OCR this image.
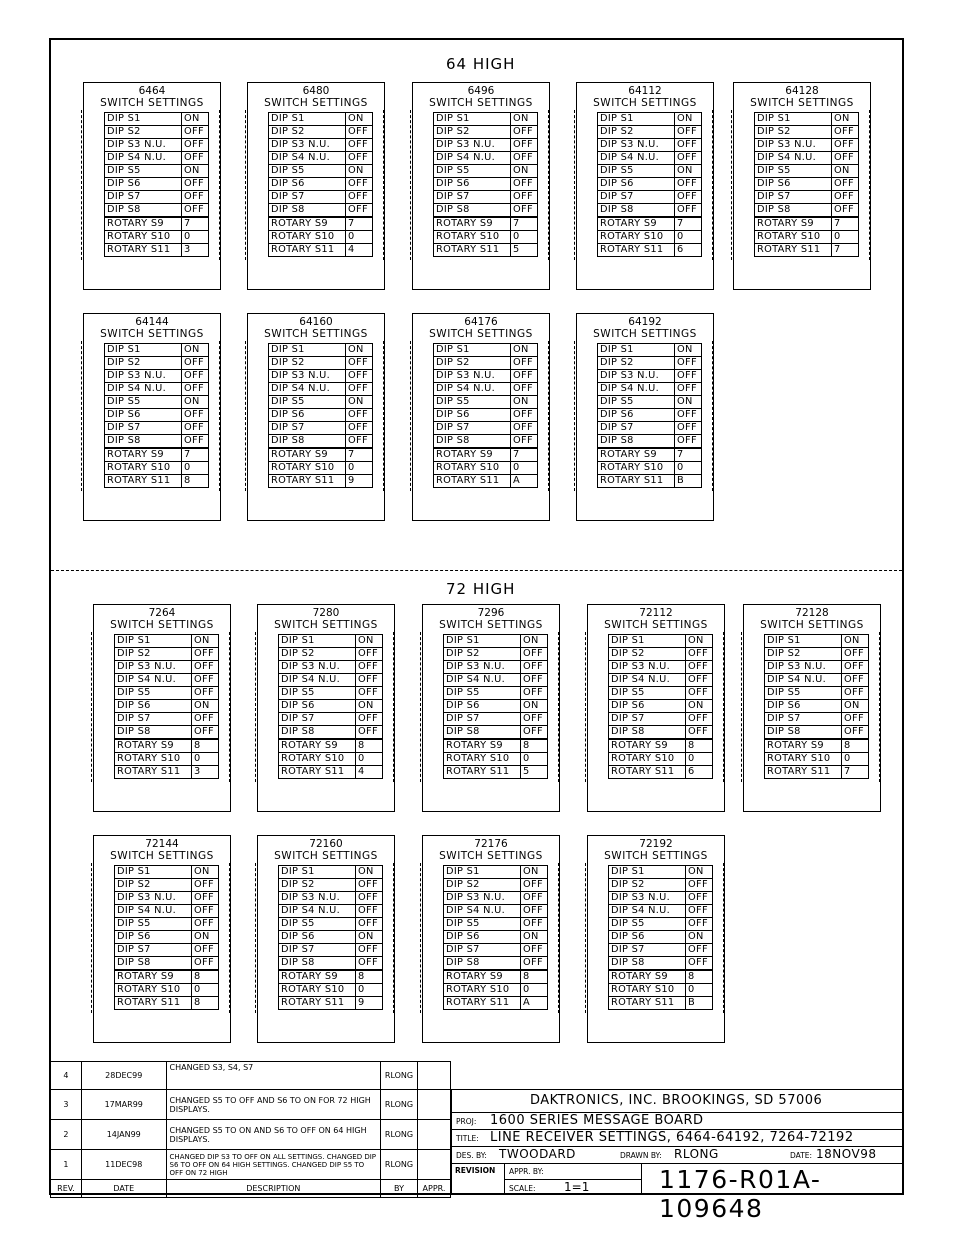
64 HIGH
72 HIGH
6464
SWITCH SETTINGS
DIP S1	ON
DIP S2	OFF
DIP S3 N.U.	OFF
DIP S4 N.U.	OFF
DIP S5	ON
DIP S6	OFF
DIP S7	OFF
DIP S8	OFF
ROTARY S9	7
ROTARY S10	0
ROTARY S11	3
6480
SWITCH SETTINGS
DIP S1	ON
DIP S2	OFF
DIP S3 N.U.	OFF
DIP S4 N.U.	OFF
DIP S5	ON
DIP S6	OFF
DIP S7	OFF
DIP S8	OFF
ROTARY S9	7
ROTARY S10	0
ROTARY S11	4
6496
SWITCH SETTINGS
DIP S1	ON
DIP S2	OFF
DIP S3 N.U.	OFF
DIP S4 N.U.	OFF
DIP S5	ON
DIP S6	OFF
DIP S7	OFF
DIP S8	OFF
ROTARY S9	7
ROTARY S10	0
ROTARY S11	5
64112
SWITCH SETTINGS
DIP S1	ON
DIP S2	OFF
DIP S3 N.U.	OFF
DIP S4 N.U.	OFF
DIP S5	ON
DIP S6	OFF
DIP S7	OFF
DIP S8	OFF
ROTARY S9	7
ROTARY S10	0
ROTARY S11	6
64128
SWITCH SETTINGS
DIP S1	ON
DIP S2	OFF
DIP S3 N.U.	OFF
DIP S4 N.U.	OFF
DIP S5	ON
DIP S6	OFF
DIP S7	OFF
DIP S8	OFF
ROTARY S9	7
ROTARY S10	0
ROTARY S11	7
64144
SWITCH SETTINGS
DIP S1	ON
DIP S2	OFF
DIP S3 N.U.	OFF
DIP S4 N.U.	OFF
DIP S5	ON
DIP S6	OFF
DIP S7	OFF
DIP S8	OFF
ROTARY S9	7
ROTARY S10	0
ROTARY S11	8
64160
SWITCH SETTINGS
DIP S1	ON
DIP S2	OFF
DIP S3 N.U.	OFF
DIP S4 N.U.	OFF
DIP S5	ON
DIP S6	OFF
DIP S7	OFF
DIP S8	OFF
ROTARY S9	7
ROTARY S10	0
ROTARY S11	9
64176
SWITCH SETTINGS
DIP S1	ON
DIP S2	OFF
DIP S3 N.U.	OFF
DIP S4 N.U.	OFF
DIP S5	ON
DIP S6	OFF
DIP S7	OFF
DIP S8	OFF
ROTARY S9	7
ROTARY S10	0
ROTARY S11	A
64192
SWITCH SETTINGS
DIP S1	ON
DIP S2	OFF
DIP S3 N.U.	OFF
DIP S4 N.U.	OFF
DIP S5	ON
DIP S6	OFF
DIP S7	OFF
DIP S8	OFF
ROTARY S9	7
ROTARY S10	0
ROTARY S11	B
7264
SWITCH SETTINGS
DIP S1	ON
DIP S2	OFF
DIP S3 N.U.	OFF
DIP S4 N.U.	OFF
DIP S5	OFF
DIP S6	ON
DIP S7	OFF
DIP S8	OFF
ROTARY S9	8
ROTARY S10	0
ROTARY S11	3
7280
SWITCH SETTINGS
DIP S1	ON
DIP S2	OFF
DIP S3 N.U.	OFF
DIP S4 N.U.	OFF
DIP S5	OFF
DIP S6	ON
DIP S7	OFF
DIP S8	OFF
ROTARY S9	8
ROTARY S10	0
ROTARY S11	4
7296
SWITCH SETTINGS
DIP S1	ON
DIP S2	OFF
DIP S3 N.U.	OFF
DIP S4 N.U.	OFF
DIP S5	OFF
DIP S6	ON
DIP S7	OFF
DIP S8	OFF
ROTARY S9	8
ROTARY S10	0
ROTARY S11	5
72112
SWITCH SETTINGS
DIP S1	ON
DIP S2	OFF
DIP S3 N.U.	OFF
DIP S4 N.U.	OFF
DIP S5	OFF
DIP S6	ON
DIP S7	OFF
DIP S8	OFF
ROTARY S9	8
ROTARY S10	0
ROTARY S11	6
72128
SWITCH SETTINGS
DIP S1	ON
DIP S2	OFF
DIP S3 N.U.	OFF
DIP S4 N.U.	OFF
DIP S5	OFF
DIP S6	ON
DIP S7	OFF
DIP S8	OFF
ROTARY S9	8
ROTARY S10	0
ROTARY S11	7
72144
SWITCH SETTINGS
DIP S1	ON
DIP S2	OFF
DIP S3 N.U.	OFF
DIP S4 N.U.	OFF
DIP S5	OFF
DIP S6	ON
DIP S7	OFF
DIP S8	OFF
ROTARY S9	8
ROTARY S10	0
ROTARY S11	8
72160
SWITCH SETTINGS
DIP S1	ON
DIP S2	OFF
DIP S3 N.U.	OFF
DIP S4 N.U.	OFF
DIP S5	OFF
DIP S6	ON
DIP S7	OFF
DIP S8	OFF
ROTARY S9	8
ROTARY S10	0
ROTARY S11	9
72176
SWITCH SETTINGS
DIP S1	ON
DIP S2	OFF
DIP S3 N.U.	OFF
DIP S4 N.U.	OFF
DIP S5	OFF
DIP S6	ON
DIP S7	OFF
DIP S8	OFF
ROTARY S9	8
ROTARY S10	0
ROTARY S11	A
72192
SWITCH SETTINGS
DIP S1	ON
DIP S2	OFF
DIP S3 N.U.	OFF
DIP S4 N.U.	OFF
DIP S5	OFF
DIP S6	ON
DIP S7	OFF
DIP S8	OFF
ROTARY S9	8
ROTARY S10	0
ROTARY S11	B
4	28DEC99	CHANGED S3, S4, S7	RLONG	
3	17MAR99	CHANGED S5 TO OFF AND S6 TO ON FOR 72 HIGH DISPLAYS.	RLONG	
2	14JAN99	CHANGED S5 TO ON AND S6 TO OFF ON 64 HIGH DISPLAYS.	RLONG	
1	11DEC98	CHANGED DIP S3 TO OFF ON ALL SETTINGS. CHANGED DIP S6 TO OFF ON 64 HIGH SETTINGS. CHANGED DIP S5 TO OFF ON 72 HIGH	RLONG	
REV.	DATE	DESCRIPTION	BY	APPR.
DAKTRONICS, INC. BROOKINGS, SD 57006
PROJ: 1600 SERIES MESSAGE BOARD
TITLE: LINE RECEIVER SETTINGS, 6464-64192, 7264-72192
DES. BY: TWOODARD	DRAWN BY: RLONG	DATE: 18NOV98
REVISION APPR. BY:
SCALE: 1=1	1176-R01A-109648
